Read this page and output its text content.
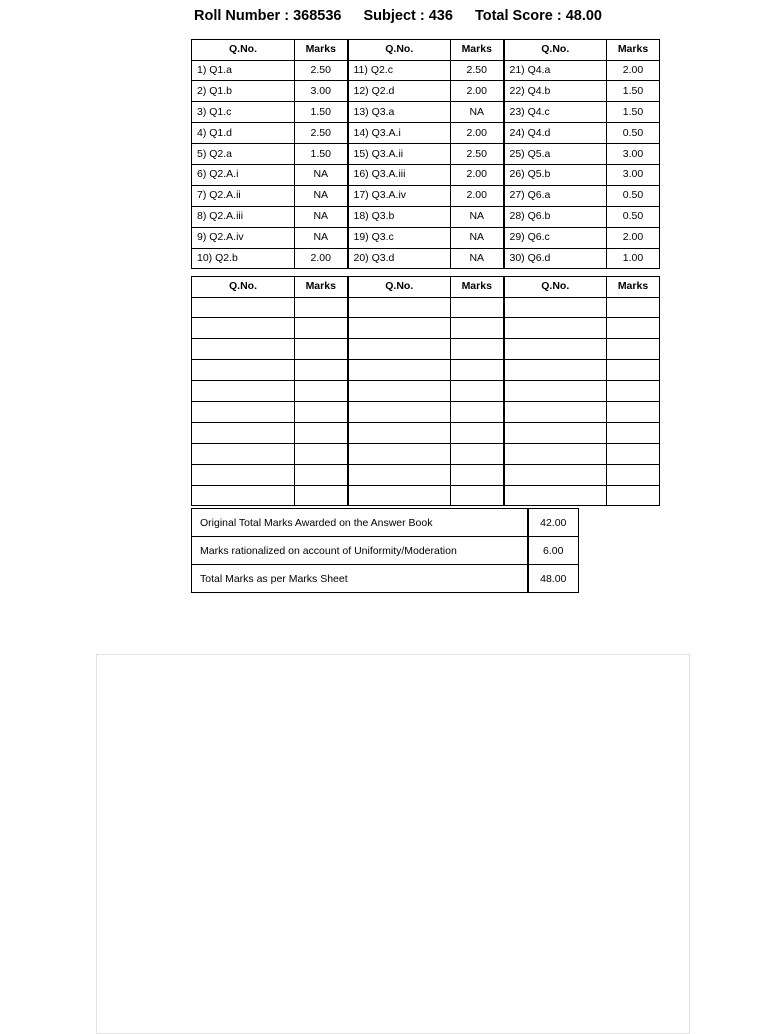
Roll Number : 368536 Subject : 436 Total Score : 48.00
Q.No.	Marks	Q.No.	Marks	Q.No.	Marks
1) Q1.a	2.50	11) Q2.c	2.50	21) Q4.a	2.00
2) Q1.b	3.00	12) Q2.d	2.00	22) Q4.b	1.50
3) Q1.c	1.50	13) Q3.a	NA	23) Q4.c	1.50
4) Q1.d	2.50	14) Q3.A.i	2.00	24) Q4.d	0.50
5) Q2.a	1.50	15) Q3.A.ii	2.50	25) Q5.a	3.00
6) Q2.A.i	NA	16) Q3.A.iii	2.00	26) Q5.b	3.00
7) Q2.A.ii	NA	17) Q3.A.iv	2.00	27) Q6.a	0.50
8) Q2.A.iii	NA	18) Q3.b	NA	28) Q6.b	0.50
9) Q2.A.iv	NA	19) Q3.c	NA	29) Q6.c	2.00
10) Q2.b	2.00	20) Q3.d	NA	30) Q6.d	1.00
Q.No.	Marks	Q.No.	Marks	Q.No.	Marks

Original Total Marks Awarded on the Answer Book	42.00
Marks rationalized on account of Uniformity/Moderation	6.00
Total Marks as per Marks Sheet	48.00
